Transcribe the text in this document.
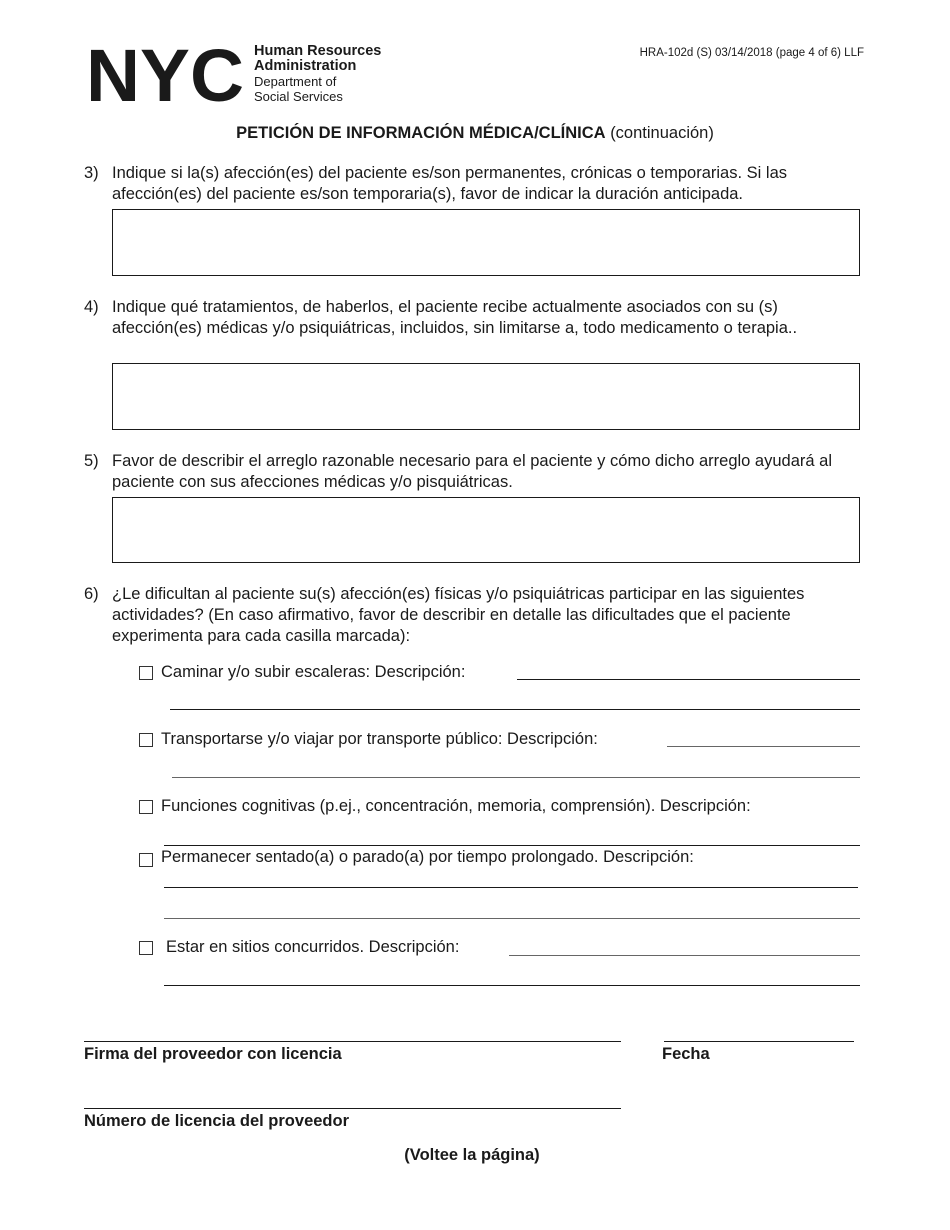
NYC Human Resources
Administration
Department of
Social Services
HRA-102d (S) 03/14/2018 (page 4 of 6) LLF
PETICIÓN DE INFORMACIÓN MÉDICA/CLÍNICA (continuación)
3) Indique si la(s) afección(es) del paciente es/son permanentes, crónicas o temporarias. Si las afección(es) del paciente es/son temporaria(s), favor de indicar la duración anticipada.
4) Indique qué tratamientos, de haberlos, el paciente recibe actualmente asociados con su (s) afección(es) médicas y/o psiquiátricas, incluidos, sin limitarse a, todo medicamento o terapia..
5) Favor de describir el arreglo razonable necesario para el paciente y cómo dicho arreglo ayudará al paciente con sus afecciones médicas y/o pisquiátricas.
6) ¿Le dificultan al paciente su(s) afección(es) físicas y/o psiquiátricas participar en las siguientes actividades? (En caso afirmativo, favor de describir en detalle las dificultades que el paciente experimenta para cada casilla marcada):
Caminar y/o subir escaleras: Descripción:
Transportarse y/o viajar por transporte público: Descripción:
Funciones cognitivas (p.ej., concentración, memoria, comprensión). Descripción:
Permanecer sentado(a) o parado(a) por tiempo prolongado. Descripción:
Estar en sitios concurridos. Descripción:
Firma del proveedor con licencia	Fecha
Número de licencia del proveedor
(Voltee la página)
